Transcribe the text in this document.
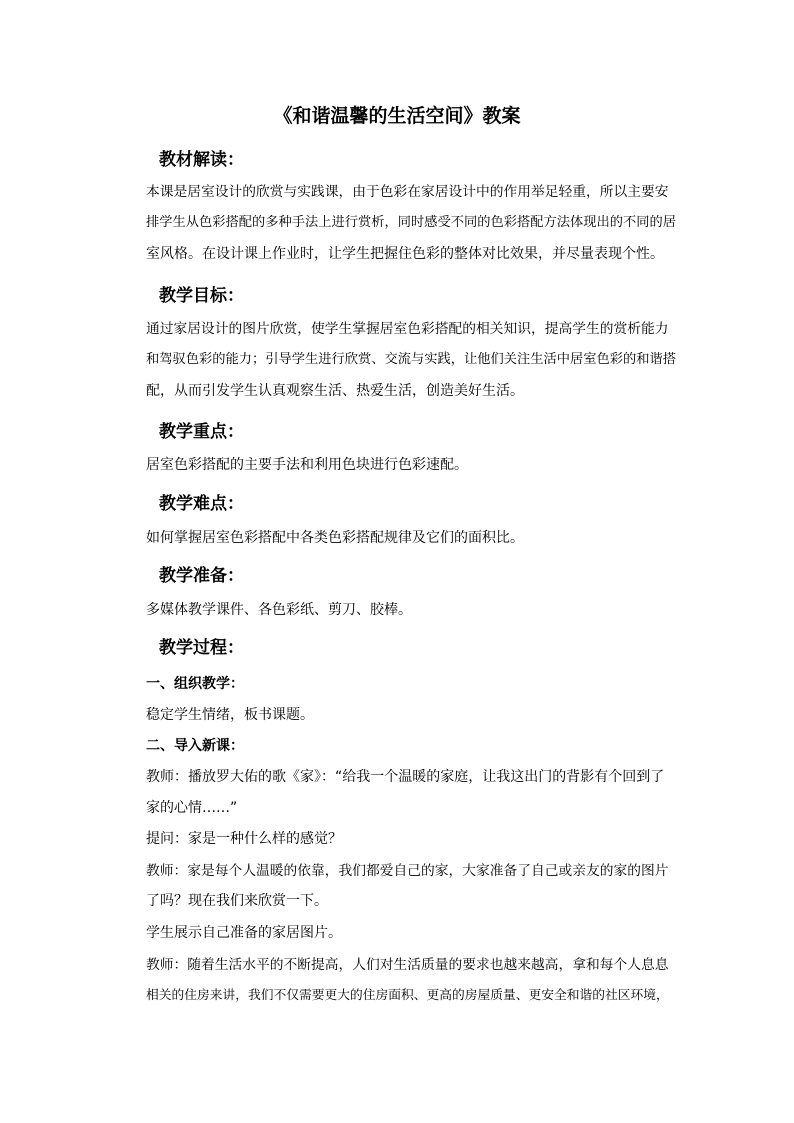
《和谐温馨的生活空间》教案
教材解读：
本课是居室设计的欣赏与实践课，由于色彩在家居设计中的作用举足轻重，所以主要安
排学生从色彩搭配的多种手法上进行赏析，同时感受不同的色彩搭配方法体现出的不同的居
室风格。在设计课上作业时，让学生把握住色彩的整体对比效果，并尽量表现个性。
教学目标：
通过家居设计的图片欣赏，使学生掌握居室色彩搭配的相关知识，提高学生的赏析能力
和驾驭色彩的能力；引导学生进行欣赏、交流与实践，让他们关注生活中居室色彩的和谐搭
配，从而引发学生认真观察生活、热爱生活，创造美好生活。
教学重点：
居室色彩搭配的主要手法和利用色块进行色彩速配。
教学难点：
如何掌握居室色彩搭配中各类色彩搭配规律及它们的面积比。
教学准备：
多媒体教学课件、各色彩纸、剪刀、胶棒。
教学过程：
一、组织教学：
稳定学生情绪，板书课题。
二、导入新课：
教师：播放罗大佑的歌《家》：“给我一个温暖的家庭，让我这出门的背影有个回到了
家的心情……”
提问：家是一种什么样的感觉？
教师：家是每个人温暖的依靠，我们都爱自己的家，大家准备了自己或亲友的家的图片
了吗？现在我们来欣赏一下。
学生展示自己准备的家居图片。
教师：随着生活水平的不断提高，人们对生活质量的要求也越来越高，拿和每个人息息
相关的住房来讲，我们不仅需要更大的住房面积、更高的房屋质量、更安全和谐的社区环境，
